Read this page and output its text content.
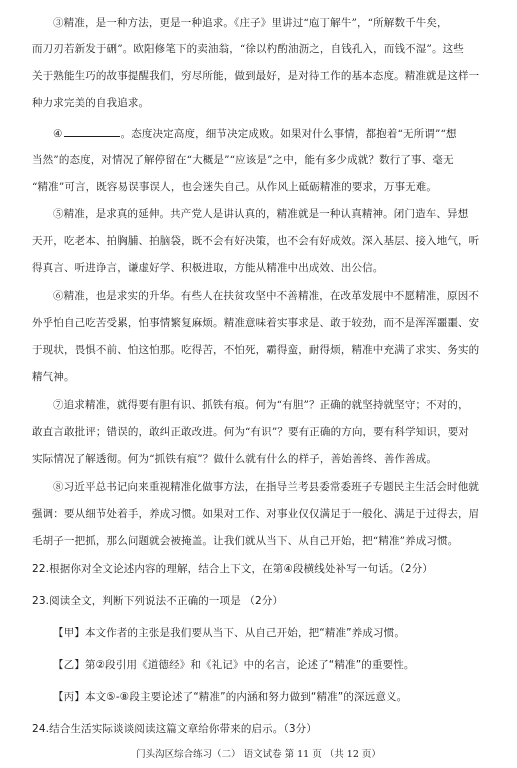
③精准，是一种方法，更是一种追求。《庄子》里讲过“庖丁解牛”，“所解数千牛矣，
而刀刃若新发于硎”。欧阳修笔下的卖油翁，“徐以杓酌油沥之，自钱孔入，而钱不湿”。这些
关于熟能生巧的故事提醒我们，穷尽所能，做到最好，是对待工作的基本态度。精准就是这样一
种力求完美的自我追求。
④	。态度决定高度，细节决定成败。如果对什么事情，都抱着“无所谓”“想
当然”的态度，对情况了解停留在“大概是”“应该是”之中，能有多少成就？数行了事、毫无
“精准”可言，既容易误事误人，也会迷失自己。从作风上砥砺精准的要求，万事无难。
⑤精准，是求真的延伸。共产党人是讲认真的，精准就是一种认真精神。闭门造车、异想
天开，吃老本、拍胸脯、拍脑袋，既不会有好决策，也不会有好成效。深入基层、接入地气，听
得真言、听进诤言，谦虚好学、积极进取，方能从精准中出成效、出公信。
⑥精准，也是求实的升华。有些人在扶贫攻坚中不善精准，在改革发展中不愿精准，原因不
外乎怕自己吃苦受累，怕事情繁复麻烦。精准意味着实事求是、敢于较劲，而不是浑浑噩噩、安
于现状，畏惧不前、怕这怕那。吃得苦，不怕死，霸得蛮，耐得烦，精准中充满了求实、务实的
精气神。
⑦追求精准，就得要有胆有识、抓铁有痕。何为“有胆”？正确的就坚持就坚守；不对的，
敢直言敢批评；错误的，敢纠正敢改进。何为“有识”？要有正确的方向，要有科学知识，要对
实际情况了解透彻。何为“抓铁有痕”？做什么就有什么的样子，善始善终、善作善成。
⑧习近平总书记向来重视精准化做事方法，在指导兰考县委常委班子专题民主生活会时他就
强调：要从细节处着手，养成习惯。如果对工作、对事业仅仅满足于一般化、满足于过得去，眉
毛胡子一把抓，那么问题就会被掩盖。让我们就从当下、从自己开始，把“精准”养成习惯。
22.根据你对全文论述内容的理解，结合上下文，在第④段横线处补写一句话。（2分）
23.阅读全文，判断下列说法不正确的一项是 （2分）
【甲】本文作者的主张是我们要从当下、从自己开始，把“精准”养成习惯。
【乙】第②段引用《道德经》和《礼记》中的名言，论述了“精准”的重要性。
【丙】本文⑤-⑧段主要论述了“精准”的内涵和努力做到“精准”的深远意义。
24.结合生活实际谈谈阅读这篇文章给你带来的启示。（3分）
门头沟区综合练习（二） 语文试卷 第 11 页 （共 12 页）
